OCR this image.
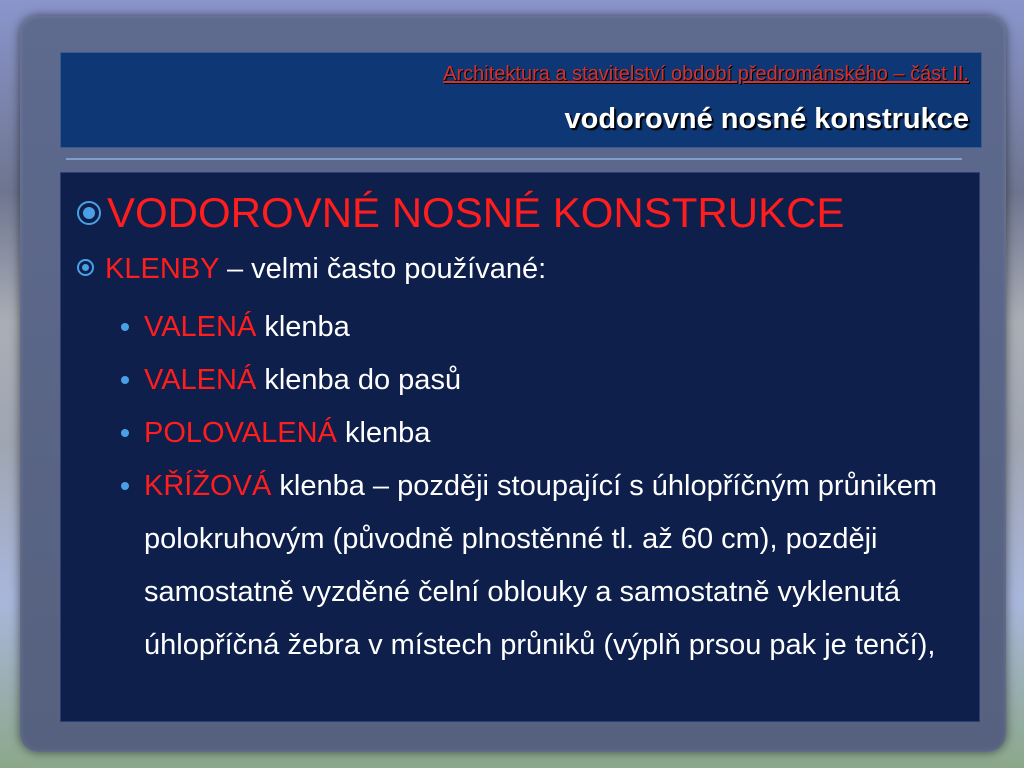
Architektura a stavitelství období předrománského – část II.
vodorovné nosné konstrukce
VODOROVNÉ NOSNÉ KONSTRUKCE
KLENBY – velmi často používané:
VALENÁ klenba
VALENÁ klenba do pasů
POLOVALENÁ klenba
KŘÍŽOVÁ klenba – později stoupající s úhlopříčným průnikem polokruhovým (původně plnostěnné tl. až 60 cm), později samostatně vyzděné čelní oblouky a samostatně vyklenutá úhlopříčná žebra v místech průniků (výplň prsou pak je tenčí),
